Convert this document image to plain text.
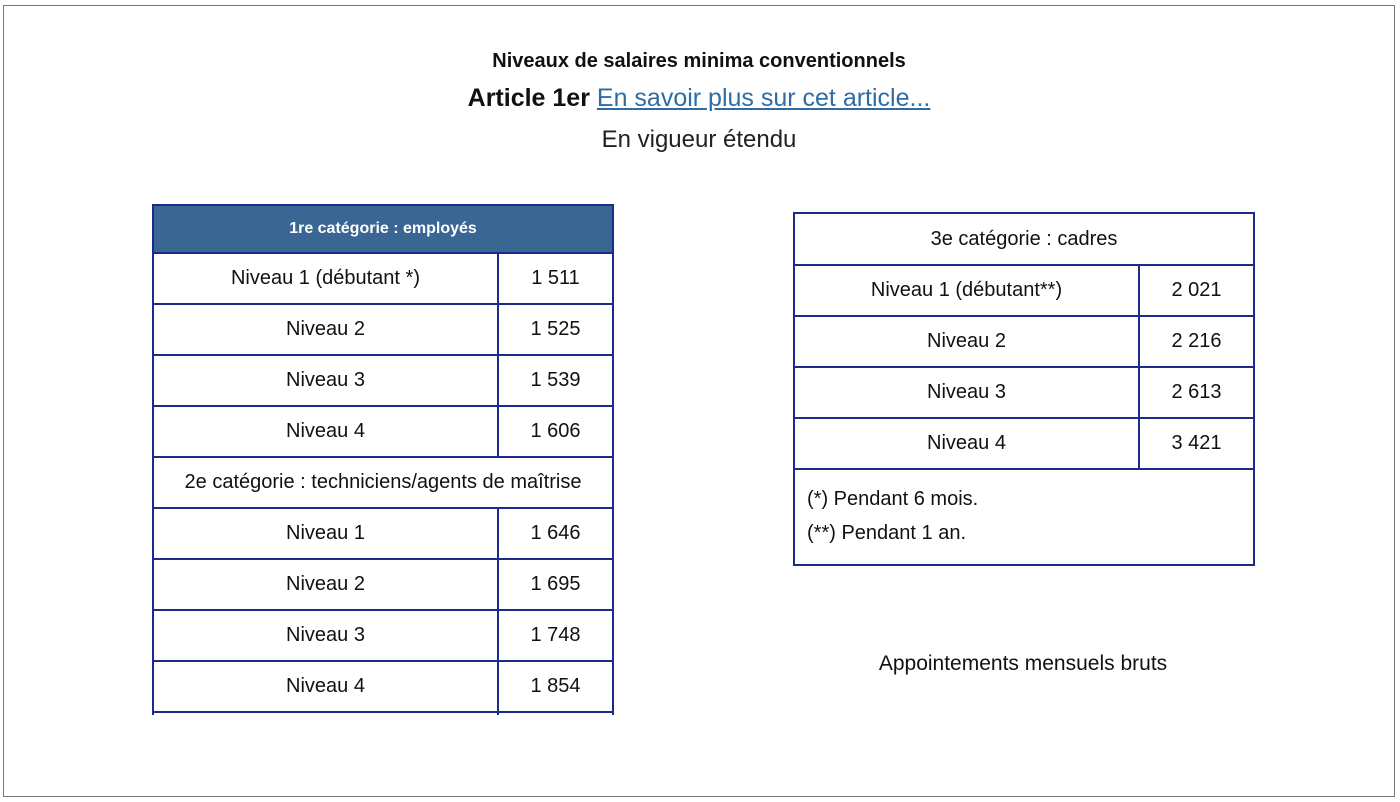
Niveaux de salaires minima conventionnels
Article 1er En savoir plus sur cet article...
En vigueur étendu
1re catégorie : employés	
Niveau 1 (débutant *)	1 511
Niveau 2	1 525
Niveau 3	1 539
Niveau 4	1 606
2e catégorie : techniciens/agents de maîtrise	
Niveau 1	1 646
Niveau 2	1 695
Niveau 3	1 748
Niveau 4	1 854

3e catégorie : cadres	
Niveau 1 (débutant**)	2 021
Niveau 2	2 216
Niveau 3	2 613
Niveau 4	3 421

(*) Pendant 6 mois.
(**) Pendant 1 an.	
Appointements mensuels bruts
